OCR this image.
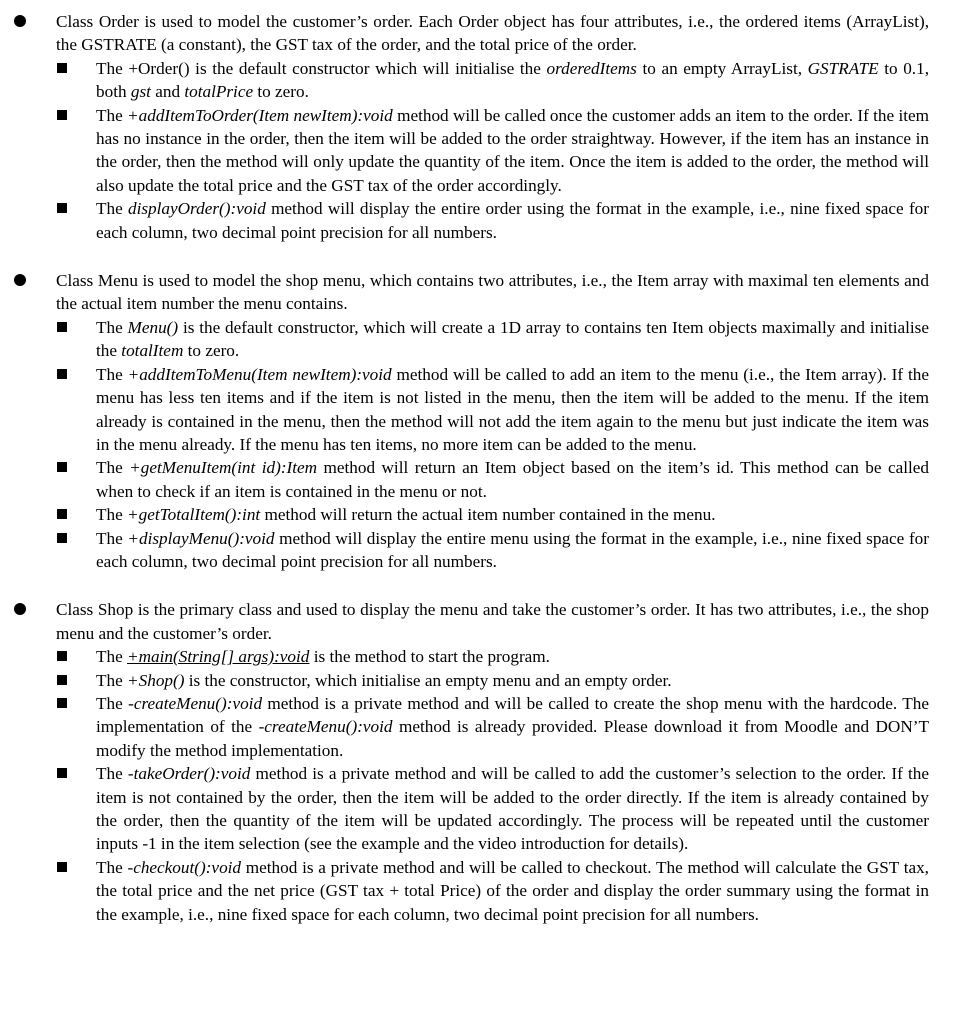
Class Order is used to model the customer’s order. Each Order object has four attributes, i.e., the ordered items (ArrayList), the GSTRATE (a constant), the GST tax of the order, and the total price of the order.
The +Order() is the default constructor which will initialise the orderedItems to an empty ArrayList, GSTRATE to 0.1, both gst and totalPrice to zero.
The +addItemToOrder(Item newItem):void method will be called once the customer adds an item to the order. If the item has no instance in the order, then the item will be added to the order straightway. However, if the item has an instance in the order, then the method will only update the quantity of the item. Once the item is added to the order, the method will also update the total price and the GST tax of the order accordingly.
The displayOrder():void method will display the entire order using the format in the example, i.e., nine fixed space for each column, two decimal point precision for all numbers.
Class Menu is used to model the shop menu, which contains two attributes, i.e., the Item array with maximal ten elements and the actual item number the menu contains.
The Menu() is the default constructor, which will create a 1D array to contains ten Item objects maximally and initialise the totalItem to zero.
The +addItemToMenu(Item newItem):void method will be called to add an item to the menu (i.e., the Item array). If the menu has less ten items and if the item is not listed in the menu, then the item will be added to the menu. If the item already is contained in the menu, then the method will not add the item again to the menu but just indicate the item was in the menu already. If the menu has ten items, no more item can be added to the menu.
The +getMenuItem(int id):Item method will return an Item object based on the item’s id. This method can be called when to check if an item is contained in the menu or not.
The +getTotalItem():int method will return the actual item number contained in the menu.
The +displayMenu():void method will display the entire menu using the format in the example, i.e., nine fixed space for each column, two decimal point precision for all numbers.
Class Shop is the primary class and used to display the menu and take the customer’s order. It has two attributes, i.e., the shop menu and the customer’s order.
The +main(String[] args):void is the method to start the program.
The +Shop() is the constructor, which initialise an empty menu and an empty order.
The -createMenu():void method is a private method and will be called to create the shop menu with the hardcode. The implementation of the -createMenu():void method is already provided. Please download it from Moodle and DON’T modify the method implementation.
The -takeOrder():void method is a private method and will be called to add the customer’s selection to the order. If the item is not contained by the order, then the item will be added to the order directly. If the item is already contained by the order, then the quantity of the item will be updated accordingly. The process will be repeated until the customer inputs -1 in the item selection (see the example and the video introduction for details).
The -checkout():void method is a private method and will be called to checkout. The method will calculate the GST tax, the total price and the net price (GST tax + total Price) of the order and display the order summary using the format in the example, i.e., nine fixed space for each column, two decimal point precision for all numbers.
